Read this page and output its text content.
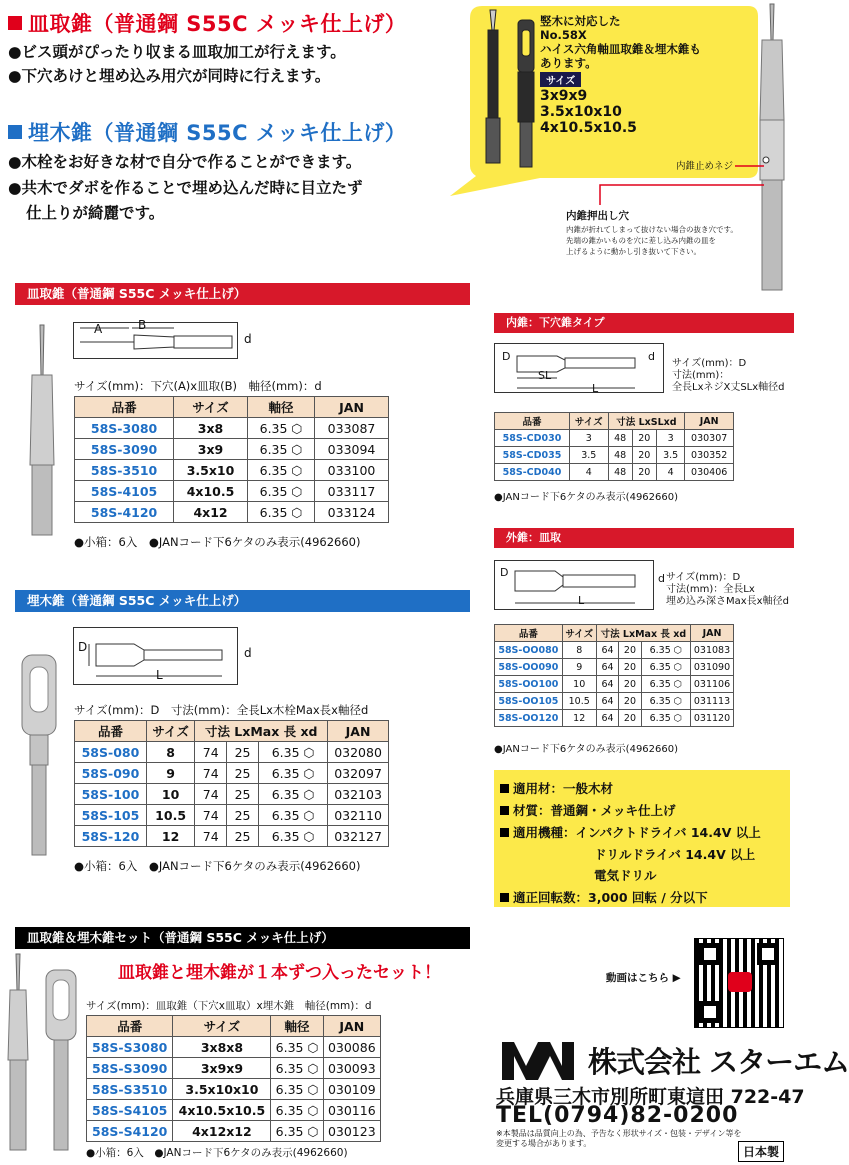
皿取錐（普通鋼 S55C メッキ仕上げ）
●ビス頭がぴったり収まる皿取加工が行えます。
●下穴あけと埋め込み用穴が同時に行えます。
埋木錐（普通鋼 S55C メッキ仕上げ）
●木栓をお好きな材で自分で作ることができます。
●共木でダボを作ることで埋め込んだ時に目立たず
仕上りが綺麗です。
竪木に対応した
No.58X
ハイス六角軸皿取錐＆埋木錐も
あります。
サイズ
3x9x9
3.5x10x10
4x10.5x10.5
内錐止めネジ
内錐押出し穴
内錐が折れてしまって抜けない場合の抜き穴です。
先端の錐かいものを穴に差し込み内錐の皿を
上げるように動かし引き抜いて下さい。
皿取錐（普通鋼 S55C メッキ仕上げ）
A	B
d
サイズ(mm)：下穴(A)x皿取(B)　軸径(mm)：d
品番	サイズ	軸径	JAN
58S-3080	3x8	6.35 ⬡	033087
58S-3090	3x9	6.35 ⬡	033094
58S-3510	3.5x10	6.35 ⬡	033100
58S-4105	4x10.5	6.35 ⬡	033117
58S-4120	4x12	6.35 ⬡	033124
●小箱：6入　●JANコード下6ケタのみ表示(4962660)
埋木錐（普通鋼 S55C メッキ仕上げ）
D
L
d
サイズ(mm)：D　寸法(mm)：全長Lx木栓Max長x軸径d
品番	サイズ	寸法 LxMax 長 xd			JAN
58S-080	8	74	25	6.35 ⬡	032080
58S-090	9	74	25	6.35 ⬡	032097
58S-100	10	74	25	6.35 ⬡	032103
58S-105	10.5	74	25	6.35 ⬡	032110
58S-120	12	74	25	6.35 ⬡	032127
●小箱：6入　●JANコード下6ケタのみ表示(4962660)
皿取錐＆埋木錐セット（普通鋼 S55C メッキ仕上げ）
皿取錐と埋木錐が１本ずつ入ったセット！
サイズ(mm)：皿取錐（下穴x皿取）x埋木錐　軸径(mm)：d
品番	サイズ	軸径	JAN
58S-S3080	3x8x8	6.35 ⬡	030086
58S-S3090	3x9x9	6.35 ⬡	030093
58S-S3510	3.5x10x10	6.35 ⬡	030109
58S-S4105	4x10.5x10.5	6.35 ⬡	030116
58S-S4120	4x12x12	6.35 ⬡	030123
●小箱：6入　●JANコード下6ケタのみ表示(4962660)
内錐：下穴錐タイプ
D
SL
L
d
サイズ(mm)：D
寸法(mm)：
全長LxネジX丈SLx軸径d
品番	サイズ	寸法 LxSLxd			JAN
58S-CD030	3	48	20	3	030307
58S-CD035	3.5	48	20	3.5	030352
58S-CD040	4	48	20	4	030406
●JANコード下6ケタのみ表示(4962660)
外錐：皿取
D
L
d サイズ(mm)：D
寸法(mm)：全長Lx
埋め込み深さMax長x軸径d
品番	サイズ	寸法 LxMax 長 xd			JAN
58S-OO080	8	64	20	6.35 ⬡	031083
58S-OO090	9	64	20	6.35 ⬡	031090
58S-OO100	10	64	20	6.35 ⬡	031106
58S-OO105	10.5	64	20	6.35 ⬡	031113
58S-OO120	12	64	20	6.35 ⬡	031120
●JANコード下6ケタのみ表示(4962660)
適用材：一般木材
材質：普通鋼・メッキ仕上げ
適用機種：インパクトドライバ 14.4V 以上
ドリルドライバ 14.4V 以上
電気ドリル
適正回転数：3,000 回転 / 分以下
動画はこちら ▶
株式会社 スターエム
兵庫県三木市別所町東這田 722-47
TEL(0794)82-0200
※本製品は品質向上の為、予告なく形状サイズ・包装・デザイン等を
変更する場合があります。
日本製
